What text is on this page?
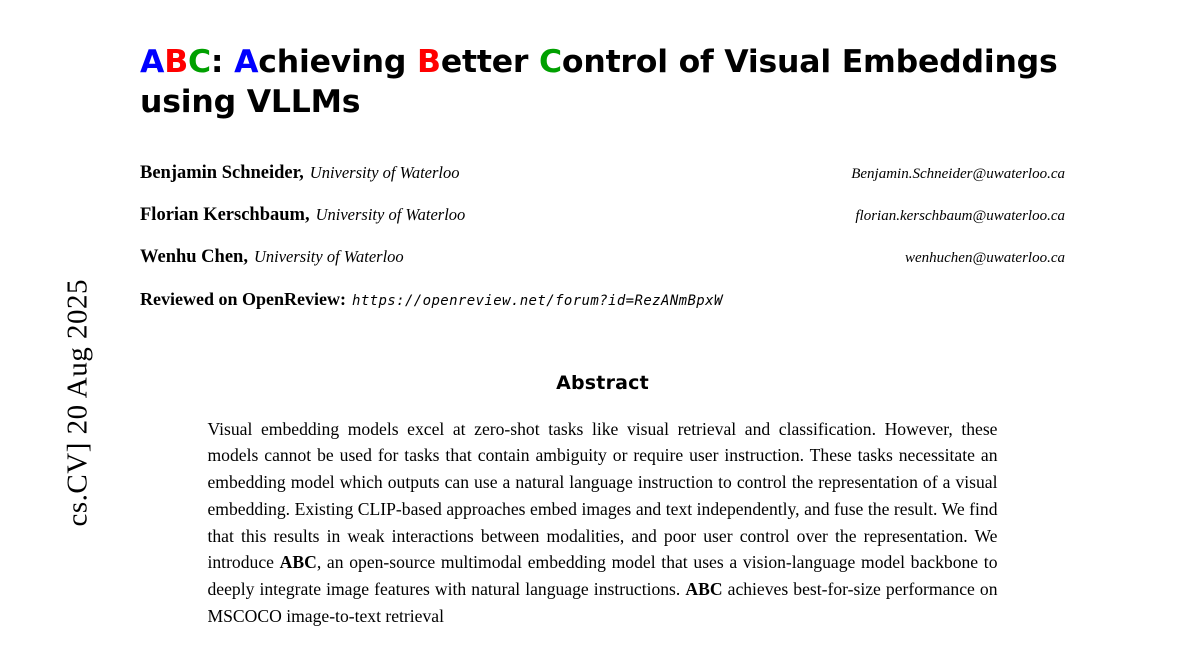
cs.CV] 20 Aug 2025
ABC: Achieving Better Control of Visual Embeddings using VLLMs
Benjamin Schneider, University of Waterloo	Benjamin.Schneider@uwaterloo.ca
Florian Kerschbaum, University of Waterloo	florian.kerschbaum@uwaterloo.ca
Wenhu Chen, University of Waterloo	wenhuchen@uwaterloo.ca
Reviewed on OpenReview: https://openreview.net/forum?id=RezANmBpxW
Abstract
Visual embedding models excel at zero-shot tasks like visual retrieval and classification. However, these models cannot be used for tasks that contain ambiguity or require user instruction. These tasks necessitate an embedding model which outputs can use a natural language instruction to control the representation of a visual embedding. Existing CLIP-based approaches embed images and text independently, and fuse the result. We find that this results in weak interactions between modalities, and poor user control over the representation. We introduce ABC, an open-source multimodal embedding model that uses a vision-language model backbone to deeply integrate image features with natural language instructions. ABC achieves best-for-size performance on MSCOCO image-to-text retrieval
